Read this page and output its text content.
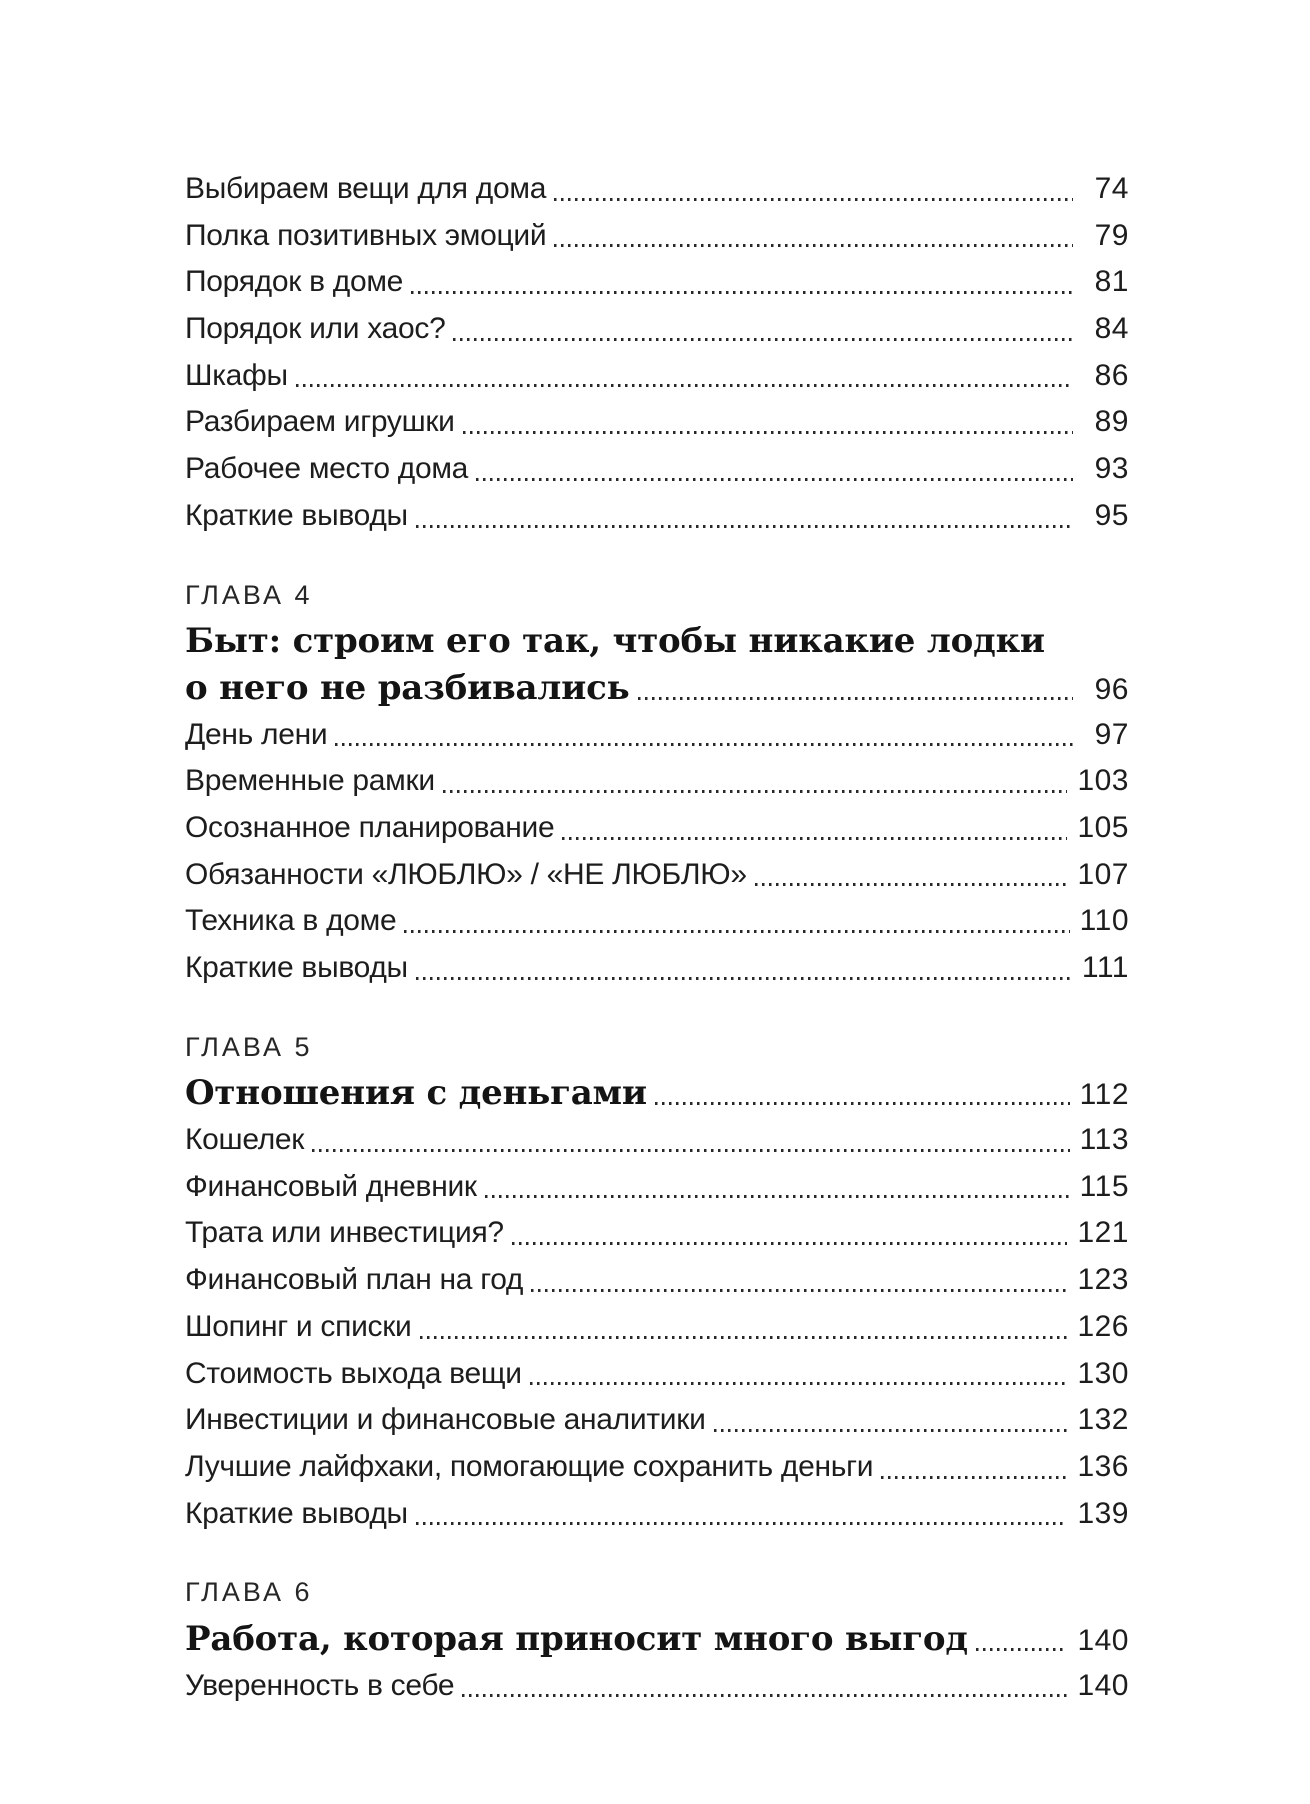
Выбираем вещи для дома	74
Полка позитивных эмоций	79
Порядок в доме	81
Порядок или хаос?	84
Шкафы	86
Разбираем игрушки	89
Рабочее место дома	93
Краткие выводы	95
ГЛАВА 4
Быт: строим его так, чтобы никакие лодки
о него не разбивались	96
День лени	97
Временные рамки	103
Осознанное планирование	105
Обязанности «ЛЮБЛЮ» / «НЕ ЛЮБЛЮ»	107
Техника в доме	110
Краткие выводы	111
ГЛАВА 5
Отношения с деньгами	112
Кошелек	113
Финансовый дневник	115
Трата или инвестиция?	121
Финансовый план на год	123
Шопинг и списки	126
Стоимость выхода вещи	130
Инвестиции и финансовые аналитики	132
Лучшие лайфхаки, помогающие сохранить деньги	136
Краткие выводы	139
ГЛАВА 6
Работа, которая приносит много выгод	140
Уверенность в себе	140
